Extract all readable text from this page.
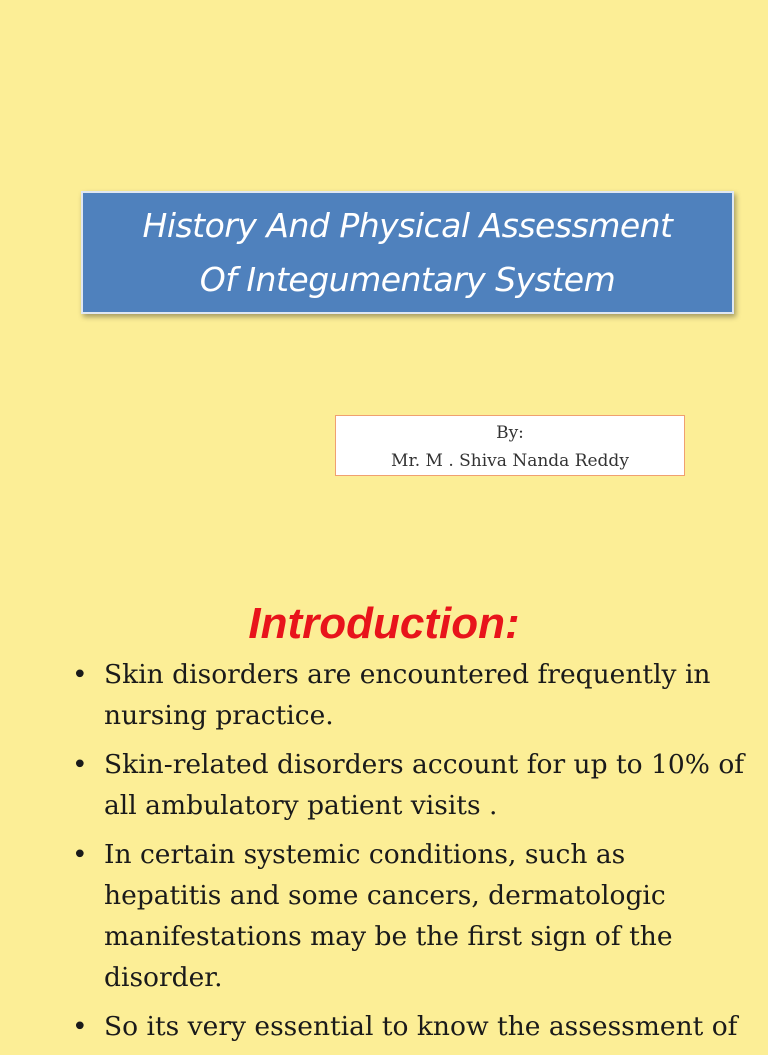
History And Physical Assessment
Of Integumentary System
By:
Mr. M . Shiva Nanda Reddy
Introduction:
• Skin disorders are encountered frequently in nursing practice.
• Skin-related disorders account for up to 10% of all ambulatory patient visits .
• In certain systemic conditions, such as hepatitis and some cancers, dermatologic manifestations may be the first sign of the disorder.
• So its very essential to know the assessment of
